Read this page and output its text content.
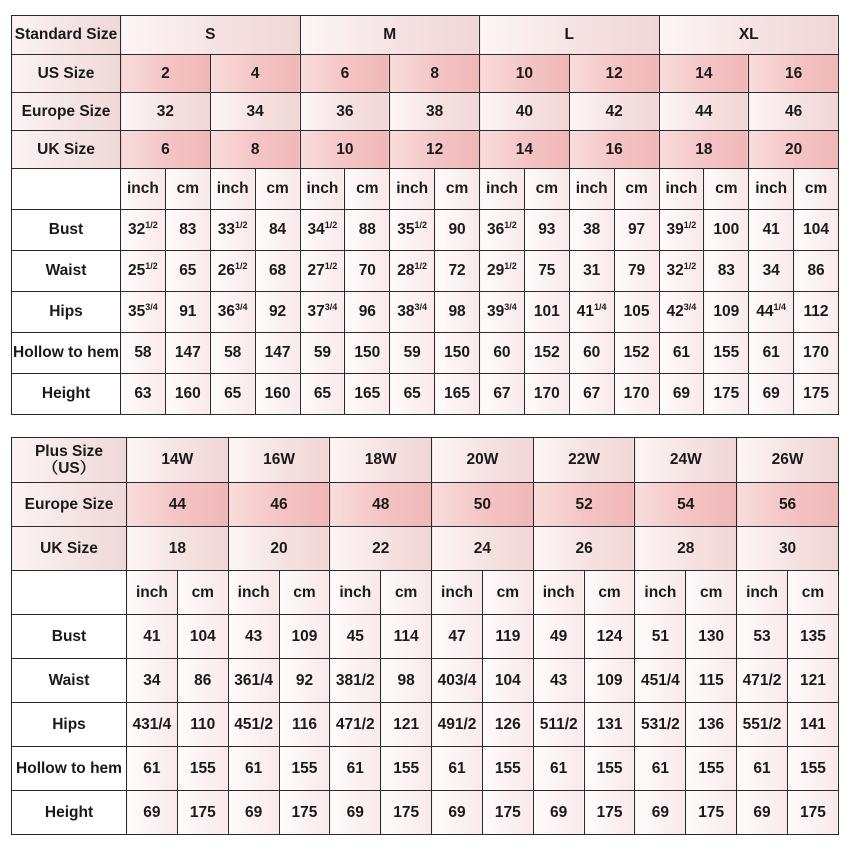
Standard Size	S				M				L				XL			
US Size	2		4		6		8		10		12		14		16	
Europe Size	32		34		36		38		40		42		44		46	
UK Size	6		8		10		12		14		16		18		20	
	inch	cm	inch	cm	inch	cm	inch	cm	inch	cm	inch	cm	inch	cm	inch	cm
Bust	$32^{1/2}$	83	$33^{1/2}$	84	$34^{1/2}$	88	$35^{1/2}$	90	$36^{1/2}$	93	38	97	$39^{1/2}$	100	41	104
Waist	$25^{1/2}$	65	$26^{1/2}$	68	$27^{1/2}$	70	$28^{1/2}$	72	$29^{1/2}$	75	31	79	$32^{1/2}$	83	34	86
Hips	$35^{3/4}$	91	$36^{3/4}$	92	$37^{3/4}$	96	$38^{3/4}$	98	$39^{3/4}$	101	$41^{1/4}$	105	$42^{3/4}$	109	$44^{1/4}$	112
Hollow to hem	58	147	58	147	59	150	59	150	60	152	60	152	61	155	61	170
Height	63	160	65	160	65	165	65	165	67	170	67	170	69	175	69	175
Plus Size
（US）	14W		16W		18W		20W		22W		24W		26W	
Europe Size	44		46		48		50		52		54		56	
UK Size	18		20		22		24		26		28		30	
	inch	cm	inch	cm	inch	cm	inch	cm	inch	cm	inch	cm	inch	cm
Bust	41	104	43	109	45	114	47	119	49	124	51	130	53	135
Waist	34	86	361/4	92	381/2	98	403/4	104	43	109	451/4	115	471/2	121
Hips	431/4	110	451/2	116	471/2	121	491/2	126	511/2	131	531/2	136	551/2	141
Hollow to hem	61	155	61	155	61	155	61	155	61	155	61	155	61	155
Height	69	175	69	175	69	175	69	175	69	175	69	175	69	175
